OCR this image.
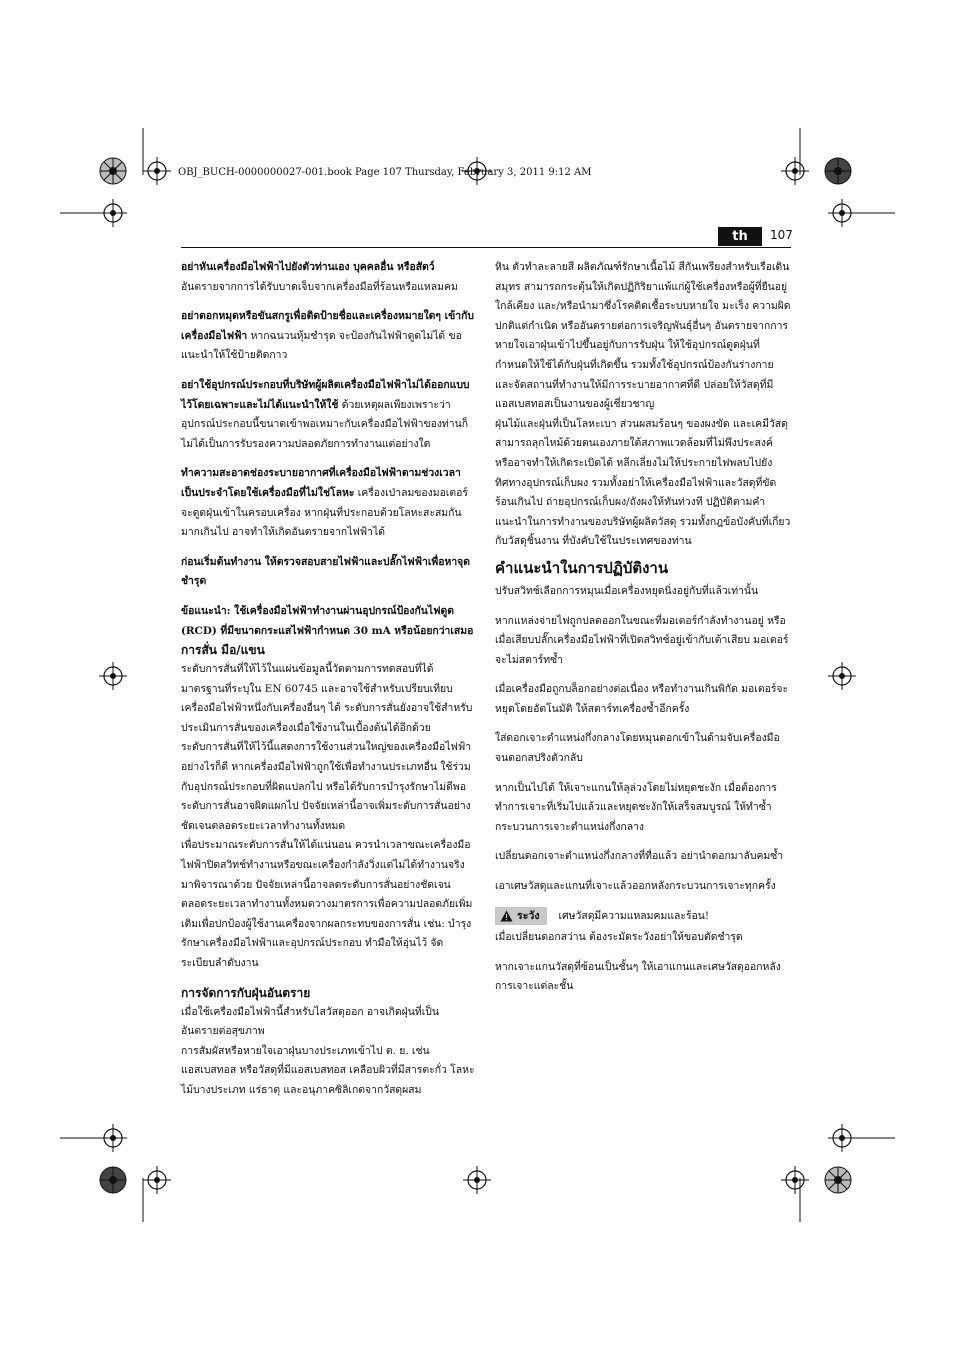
OBJ_BUCH-0000000027-001.book Page 107 Thursday, February 3, 2011 9:12 AM
th	107

อย่าหันเครื่องมือไฟฟ้าไปยังตัวท่านเอง บุคคลอื่น หรือสัตว์

อันตรายจากการได้รับบาดเจ็บจากเครื่องมือที่ร้อนหรือแหลมคม

อย่าตอกหมุดหรือขันสกรูเพื่อติดป้ายชื่อและเครื่องหมายใดๆ เข้ากับเครื่องมือไฟฟ้า หากฉนวนหุ้มชำรุด จะป้องกันไฟฟ้าดูดไม่ได้ ขอแนะนำให้ใช้ป้ายติดกาว

อย่าใช้อุปกรณ์ประกอบที่บริษัทผู้ผลิตเครื่องมือไฟฟ้าไม่ได้ออกแบบไว้โดยเฉพาะและไม่ได้แนะนำให้ใช้ ด้วยเหตุผลเพียงเพราะว่าอุปกรณ์ประกอบนี้ขนาดเข้าพอเหมาะกับเครื่องมือไฟฟ้าของท่านก็ไม่ได้เป็นการรับรองความปลอดภัยการทำงานแต่อย่างใด

ทำความสะอาดช่องระบายอากาศที่เครื่องมือไฟฟ้าตามช่วงเวลาเป็นประจำโดยใช้เครื่องมือที่ไม่ใช่โลหะ เครื่องเป่าลมของมอเตอร์จะดูดฝุ่นเข้าในครอบเครื่อง หากฝุ่นที่ประกอบด้วยโลหะสะสมกันมากเกินไป อาจทำให้เกิดอันตรายจากไฟฟ้าได้

ก่อนเริ่มต้นทำงาน ให้ตรวจสอบสายไฟฟ้าและปลั๊กไฟฟ้าเพื่อหาจุดชำรุด

ข้อแนะนำ: ใช้เครื่องมือไฟฟ้าทำงานผ่านอุปกรณ์ป้องกันไฟดูด (RCD) ที่มีขนาดกระแสไฟฟ้ากำหนด 30 mA หรือน้อยกว่าเสมอ

การสั่น มือ/แขน

ระดับการสั่นที่ให้ไว้ในแผ่นข้อมูลนี้วัดตามการทดสอบที่ได้มาตรฐานที่ระบุใน EN 60745 และอาจใช้สำหรับเปรียบเทียบเครื่องมือไฟฟ้าหนึ่งกับเครื่องอื่นๆ ได้ ระดับการสั่นยังอาจใช้สำหรับประเมินการสั่นของเครื่องเมื่อใช้งานในเบื้องต้นได้อีกด้วย

ระดับการสั่นที่ให้ไว้นี้แสดงการใช้งานส่วนใหญ่ของเครื่องมือไฟฟ้า อย่างไรก็ดี หากเครื่องมือไฟฟ้าถูกใช้เพื่อทำงานประเภทอื่น ใช้ร่วมกับอุปกรณ์ประกอบที่ผิดแปลกไป หรือได้รับการบำรุงรักษาไม่ดีพอ ระดับการสั่นอาจผิดแผกไป ปัจจัยเหล่านี้อาจเพิ่มระดับการสั่นอย่างชัดเจนตลอดระยะเวลาทำงานทั้งหมด

เพื่อประมาณระดับการสั่นให้ได้แน่นอน ควรนำเวลาขณะเครื่องมือไฟฟ้าปิดสวิทช์ทำงานหรือขณะเครื่องกำลังวิ่งแต่ไม่ได้ทำงานจริงมาพิจารณาด้วย ปัจจัยเหล่านี้อาจลดระดับการสั่นอย่างชัดเจนตลอดระยะเวลาทำงานทั้งหมดวางมาตรการเพื่อความปลอดภัยเพิ่มเติมเพื่อปกป้องผู้ใช้งานเครื่องจากผลกระทบของการสั่น เช่น: บำรุงรักษาเครื่องมือไฟฟ้าและอุปกรณ์ประกอบ ทำมือให้อุ่นไว้ จัดระเบียบลำดับงาน

การจัดการกับฝุ่นอันตราย

เมื่อใช้เครื่องมือไฟฟ้านี้สำหรับไสวัสดุออก อาจเกิดฝุ่นที่เป็นอันตรายต่อสุขภาพ

การสัมผัสหรือหายใจเอาฝุ่นบางประเภทเข้าไป ต. ย. เช่น แอสเบสทอส หรือวัสดุที่มีแอสเบสทอส เคลือบผิวที่มีสารตะกั่ว โลหะ ไม้บางประเภท แร่ธาตุ และอนุภาคซิลิเกตจากวัสดุผสม

หิน ตัวทำละลายสี ผลิตภัณฑ์รักษาเนื้อไม้ สีกันเพรียงสำหรับเรือเดินสมุทร สามารถกระตุ้นให้เกิดปฏิกิริยาแพ้แก่ผู้ใช้เครื่องหรือผู้ที่ยืนอยู่ใกล้เคียง และ/หรือนำมาซึ่งโรคติดเชื้อระบบหายใจ มะเร็ง ความผิดปกติแต่กำเนิด หรืออันตรายต่อการเจริญพันธุ์อื่นๆ อันตรายจากการหายใจเอาฝุ่นเข้าไปขึ้นอยู่กับการรับฝุ่น ให้ใช้อุปกรณ์ดูดฝุ่นที่กำหนดให้ใช้ได้กับฝุ่นที่เกิดขึ้น รวมทั้งใช้อุปกรณ์ป้องกันร่างกาย และจัดสถานที่ทำงานให้มีการระบายอากาศที่ดี ปล่อยให้วัสดุที่มีแอสเบสทอสเป็นงานของผู้เชี่ยวชาญ

ฝุ่นไม้และฝุ่นที่เป็นโลหะเบา ส่วนผสมร้อนๆ ของผงขัด และเคมีวัสดุ สามารถลุกไหม้ด้วยตนเองภายใต้สภาพแวดล้อมที่ไม่พึงประสงค์ หรืออาจทำให้เกิดระเบิดได้ หลีกเลี่ยงไม่ให้ประกายไฟพลบไปยังทิศทางอุปกรณ์เก็บผง รวมทั้งอย่าให้เครื่องมือไฟฟ้าและวัสดุที่ขัดร้อนเกินไป ถ่ายอุปกรณ์เก็บผง/ถังผงให้ทันท่วงที ปฏิบัติตามคำแนะนำในการทำงานของบริษัทผู้ผลิตวัสดุ รวมทั้งกฎข้อบังคับที่เกี่ยวกับวัสดุชิ้นงาน ที่บังคับใช้ในประเทศของท่าน

คำแนะนำในการปฏิบัติงาน

ปรับสวิทช์เลือกการหมุนเมื่อเครื่องหยุดนิ่งอยู่กับที่แล้วเท่านั้น

หากแหล่งจ่ายไฟถูกปลดออกในขณะที่มอเตอร์กำลังทำงานอยู่ หรือเมื่อเสียบปลั๊กเครื่องมือไฟฟ้าที่เปิดสวิทช์อยู่เข้ากับเต้าเสียบ มอเตอร์จะไม่สตาร์ทซ้ำ

เมื่อเครื่องมือถูกบล็อกอย่างต่อเนื่อง หรือทำงานเกินพิกัด มอเตอร์จะหยุดโดยอัตโนมัติ ให้สตาร์ทเครื่องซ้ำอีกครั้ง

ใส่ดอกเจาะตำแหน่งกึ่งกลางโดยหมุนดอกเข้าในด้ามจับเครื่องมือจนดอกสปริงตัวกลับ

หากเป็นไปได้ ให้เจาะแกนให้ลุล่วงโดยไม่หยุดชะงัก เมื่อต้องการทำการเจาะที่เริ่มไปแล้วและหยุดชะงักให้เสร็จสมบูรณ์ ให้ทำซ้ำกระบวนการเจาะตำแหน่งกึ่งกลาง

เปลี่ยนดอกเจาะตำแหน่งกึ่งกลางที่ทื่อแล้ว อย่านำดอกมาลับคมซ้ำ

เอาเศษวัสดุและแกนที่เจาะแล้วออกหลังกระบวนการเจาะทุกครั้ง

ระวัง เศษวัสดุมีความแหลมคมและร้อน!

เมื่อเปลี่ยนดอกสว่าน ต้องระมัดระวังอย่าให้ขอบตัดชำรุด

หากเจาะแกนวัสดุที่ซ้อนเป็นชั้นๆ ให้เอาแกนและเศษวัสดุออกหลังการเจาะแต่ละชั้น
